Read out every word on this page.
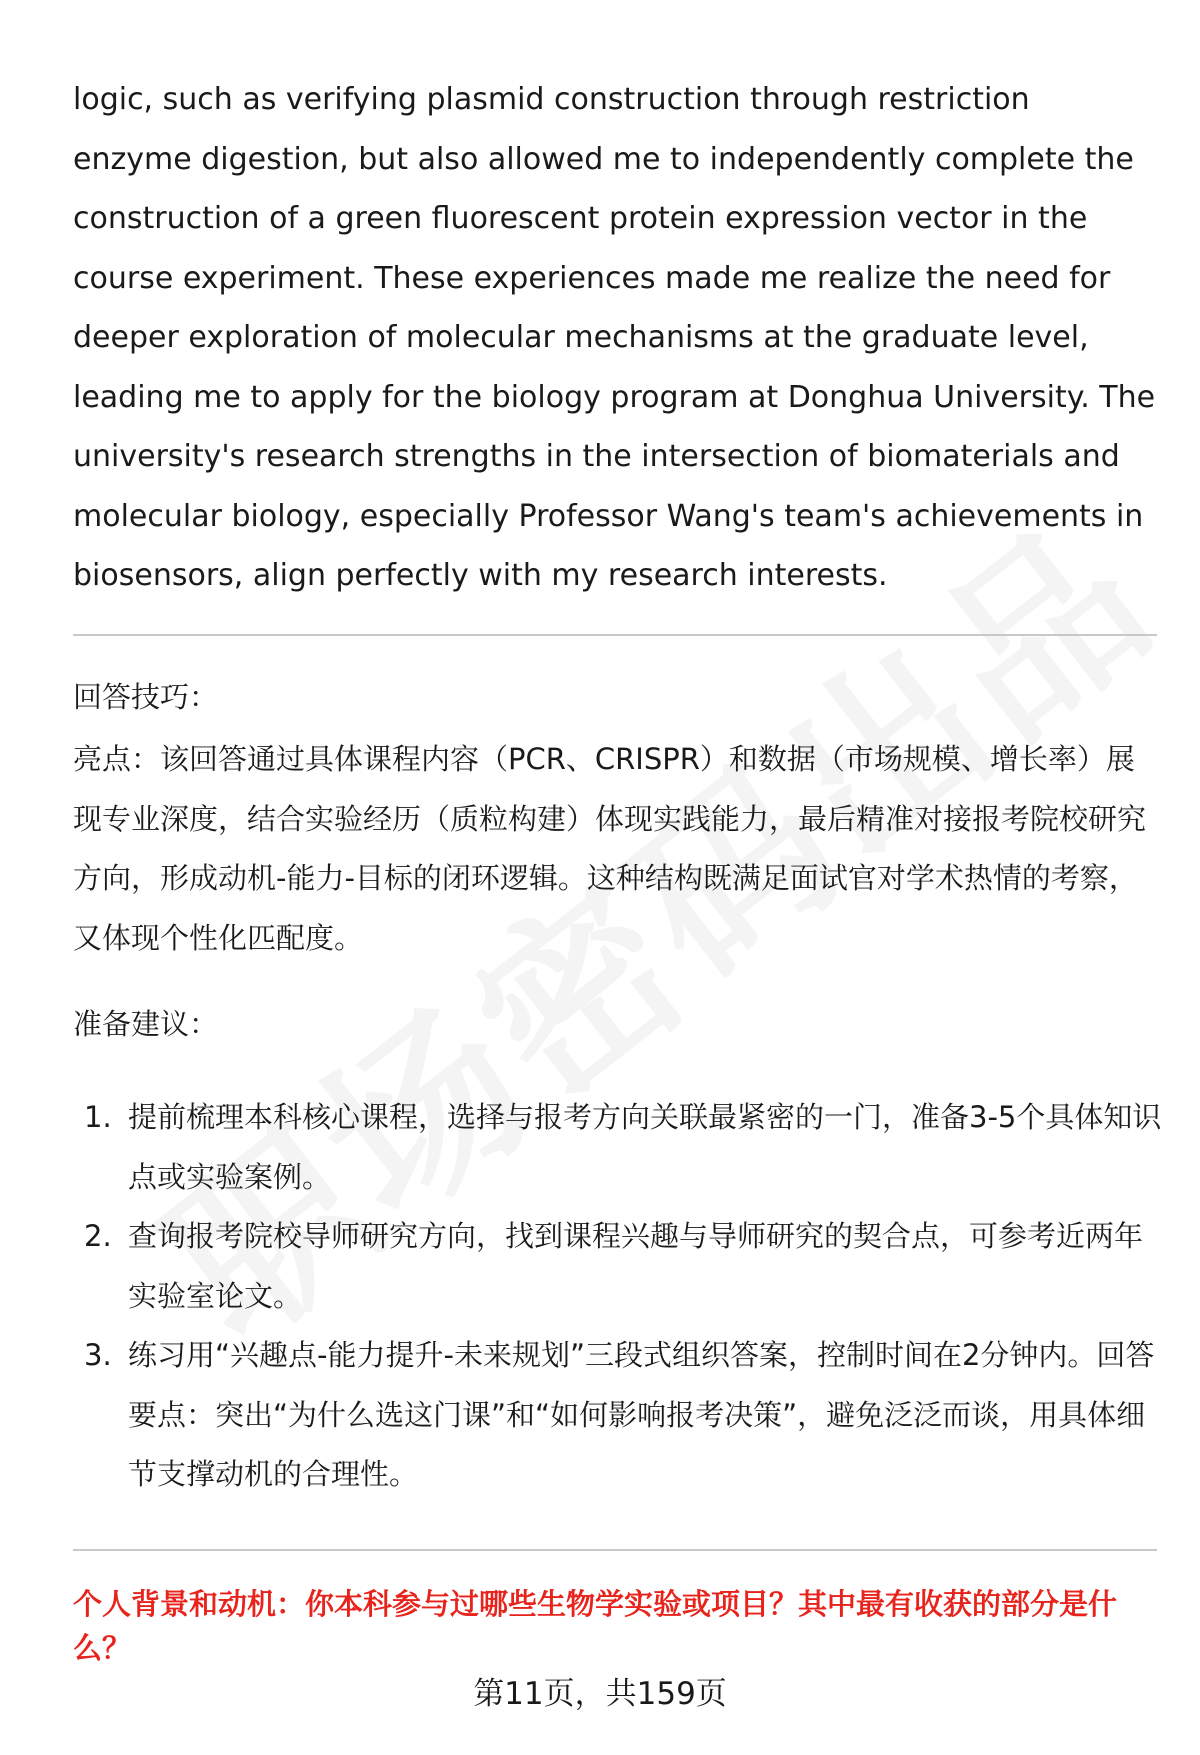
logic, such as verifying plasmid construction through restriction enzyme digestion, but also allowed me to independently complete the construction of a green fluorescent protein expression vector in the course experiment. These experiences made me realize the need for deeper exploration of molecular mechanisms at the graduate level, leading me to apply for the biology program at Donghua University. The university's research strengths in the intersection of biomaterials and molecular biology, especially Professor Wang's team's achievements in biosensors, align perfectly with my research interests.

回答技巧：

亮点：该回答通过具体课程内容（PCR、CRISPR）和数据（市场规模、增长率）展现专业深度，结合实验经历（质粒构建）体现实践能力，最后精准对接报考院校研究方向，形成动机-能力-目标的闭环逻辑。这种结构既满足面试官对学术热情的考察，又体现个性化匹配度。

准备建议：

1. 提前梳理本科核心课程，选择与报考方向关联最紧密的一门，准备3-5个具体知识点或实验案例。
2. 查询报考院校导师研究方向，找到课程兴趣与导师研究的契合点，可参考近两年实验室论文。
3. 练习用“兴趣点-能力提升-未来规划”三段式组织答案，控制时间在2分钟内。回答要点：突出“为什么选这门课”和“如何影响报考决策”，避免泛泛而谈，用具体细节支撑动机的合理性。

个人背景和动机：你本科参与过哪些生物学实验或项目？其中最有收获的部分是什么？

第11页，共159页
